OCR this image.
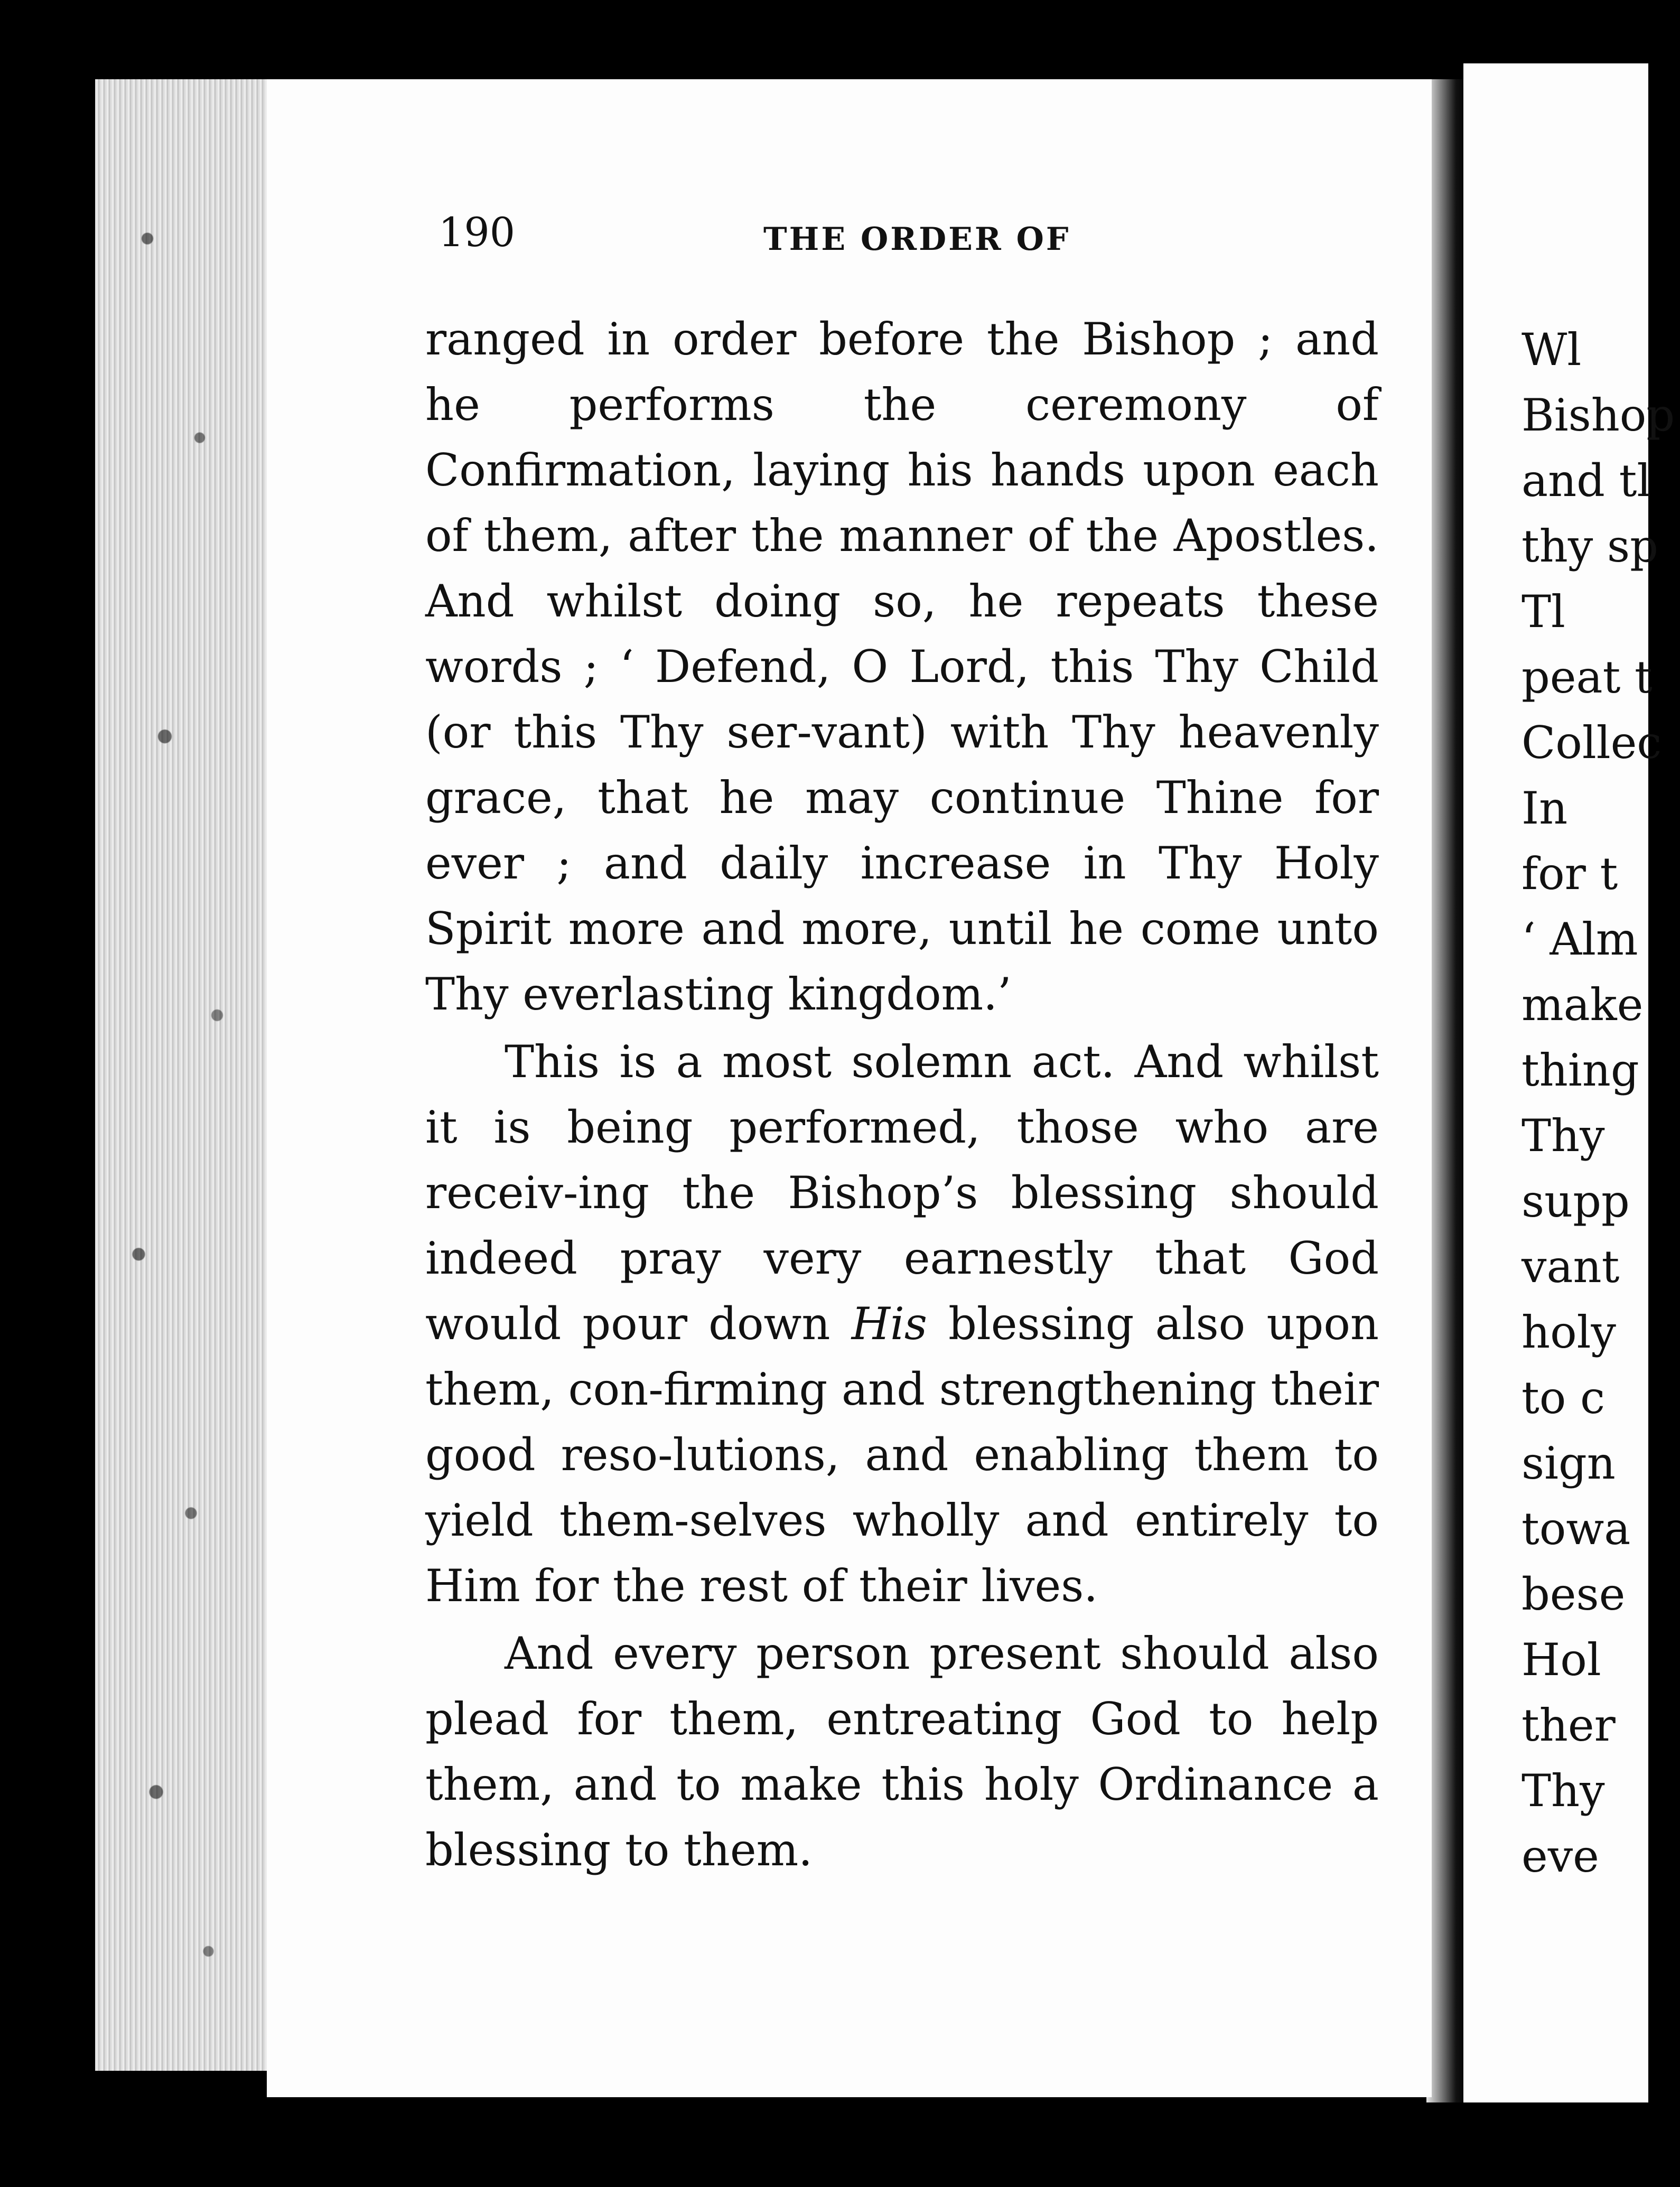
190	THE ORDER OF

ranged in order before the Bishop ; and he performs the ceremony of Confirmation, laying his hands upon each of them, after the manner of the Apostles. And whilst doing so, he repeats these words ; ‘ Defend, O Lord, this Thy Child (or this Thy ser-vant) with Thy heavenly grace, that he may continue Thine for ever ; and daily increase in Thy Holy Spirit more and more, until he come unto Thy everlasting kingdom.’

This is a most solemn act. And whilst it is being performed, those who are receiv-ing the Bishop’s blessing should indeed pray very earnestly that God would pour down His blessing also upon them, con-firming and strengthening their good reso-lutions, and enabling them to yield them-selves wholly and entirely to Him for the rest of their lives.

And every person present should also plead for them, entreating God to help them, and to make this holy Ordinance a blessing to them.

Wl
Bishop
and tl
thy sp
Tl
peat t
Collec
In
for t
‘ Alm
make
thing
Thy
supp
vant
holy
to c
sign
towa
bese
Hol
ther
Thy
eve
